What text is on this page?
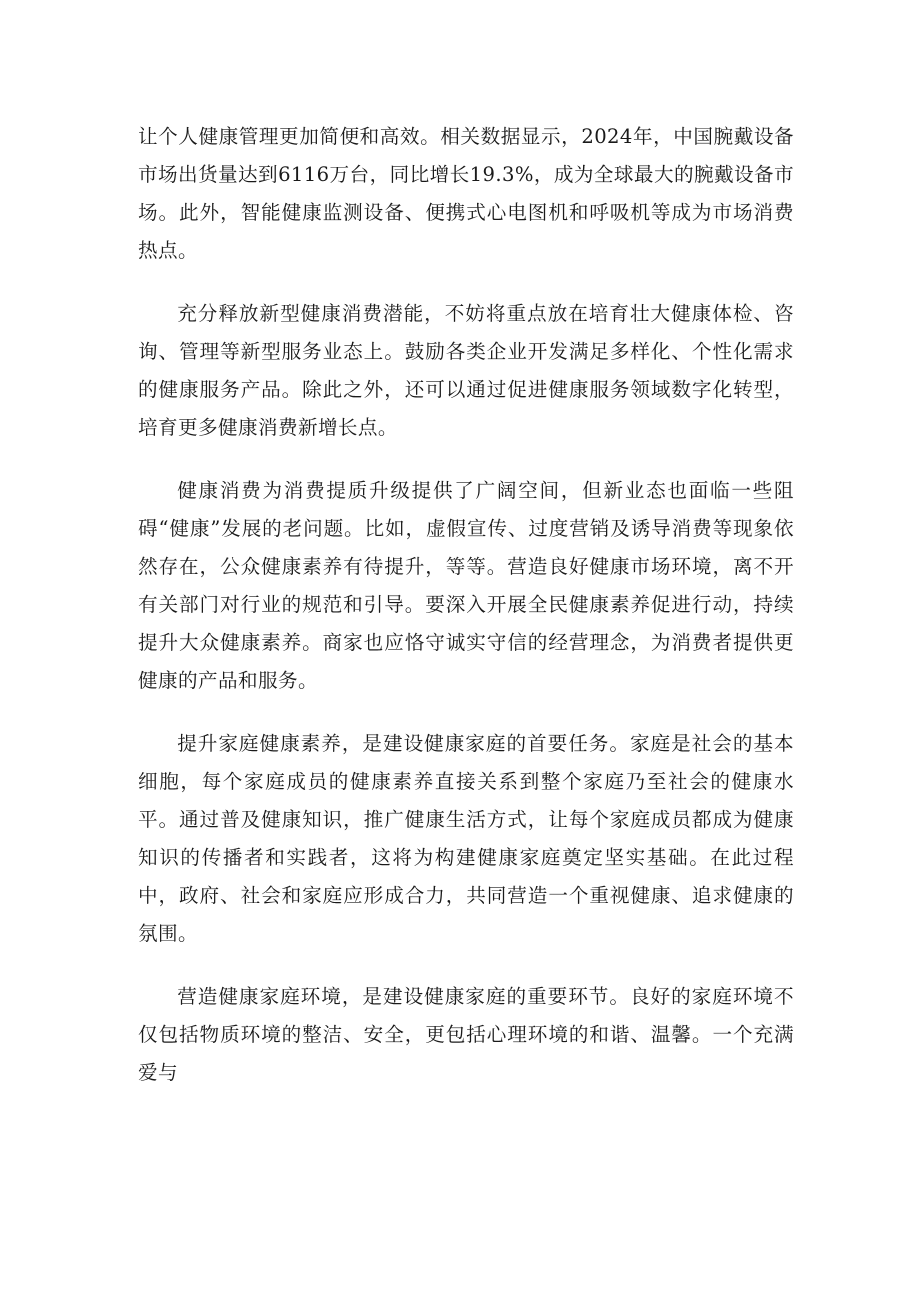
让个人健康管理更加简便和高效。相关数据显示，2024年，中国腕戴设备市场出货量达到6116万台，同比增长19.3%，成为全球最大的腕戴设备市场。此外，智能健康监测设备、便携式心电图机和呼吸机等成为市场消费热点。

充分释放新型健康消费潜能，不妨将重点放在培育壮大健康体检、咨询、管理等新型服务业态上。鼓励各类企业开发满足多样化、个性化需求的健康服务产品。除此之外，还可以通过促进健康服务领域数字化转型，培育更多健康消费新增长点。

健康消费为消费提质升级提供了广阔空间，但新业态也面临一些阻碍“健康”发展的老问题。比如，虚假宣传、过度营销及诱导消费等现象依然存在，公众健康素养有待提升，等等。营造良好健康市场环境，离不开有关部门对行业的规范和引导。要深入开展全民健康素养促进行动，持续提升大众健康素养。商家也应恪守诚实守信的经营理念，为消费者提供更健康的产品和服务。

提升家庭健康素养，是建设健康家庭的首要任务。家庭是社会的基本细胞，每个家庭成员的健康素养直接关系到整个家庭乃至社会的健康水平。通过普及健康知识，推广健康生活方式，让每个家庭成员都成为健康知识的传播者和实践者，这将为构建健康家庭奠定坚实基础。在此过程中，政府、社会和家庭应形成合力，共同营造一个重视健康、追求健康的氛围。

营造健康家庭环境，是建设健康家庭的重要环节。良好的家庭环境不仅包括物质环境的整洁、安全，更包括心理环境的和谐、温馨。一个充满爱与
